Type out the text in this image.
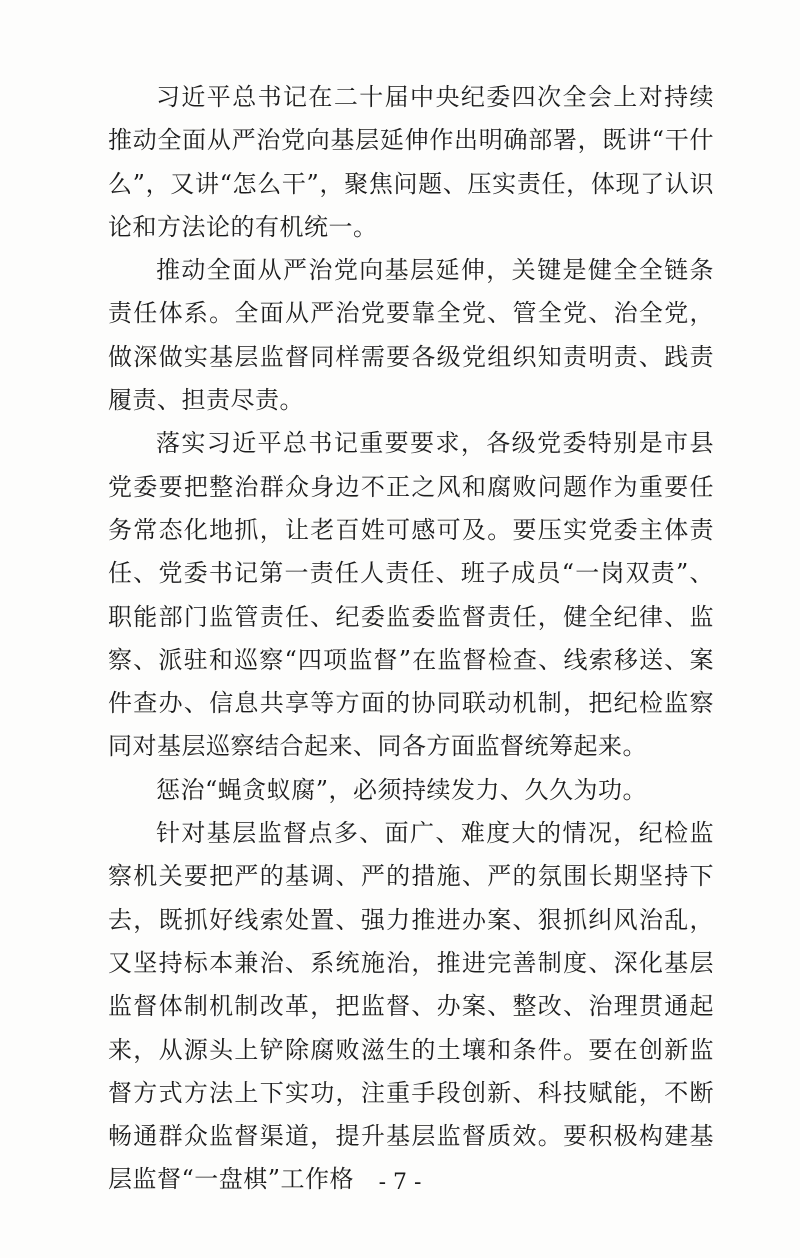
习近平总书记在二十届中央纪委四次全会上对持续推动全面从严治党向基层延伸作出明确部署，既讲“干什么”，又讲“怎么干”，聚焦问题、压实责任，体现了认识论和方法论的有机统一。

推动全面从严治党向基层延伸，关键是健全全链条责任体系。全面从严治党要靠全党、管全党、治全党，做深做实基层监督同样需要各级党组织知责明责、践责履责、担责尽责。

落实习近平总书记重要要求，各级党委特别是市县党委要把整治群众身边不正之风和腐败问题作为重要任务常态化地抓，让老百姓可感可及。要压实党委主体责任、党委书记第一责任人责任、班子成员“一岗双责”、职能部门监管责任、纪委监委监督责任，健全纪律、监察、派驻和巡察“四项监督”在监督检查、线索移送、案件查办、信息共享等方面的协同联动机制，把纪检监察同对基层巡察结合起来、同各方面监督统筹起来。

惩治“蝇贪蚁腐”，必须持续发力、久久为功。

针对基层监督点多、面广、难度大的情况，纪检监察机关要把严的基调、严的措施、严的氛围长期坚持下去，既抓好线索处置、强力推进办案、狠抓纠风治乱，又坚持标本兼治、系统施治，推进完善制度、深化基层监督体制机制改革，把监督、办案、整改、治理贯通起来，从源头上铲除腐败滋生的土壤和条件。要在创新监督方式方法上下实功，注重手段创新、科技赋能，不断畅通群众监督渠道，提升基层监督质效。要积极构建基层监督“一盘棋”工作格	- 7 -
